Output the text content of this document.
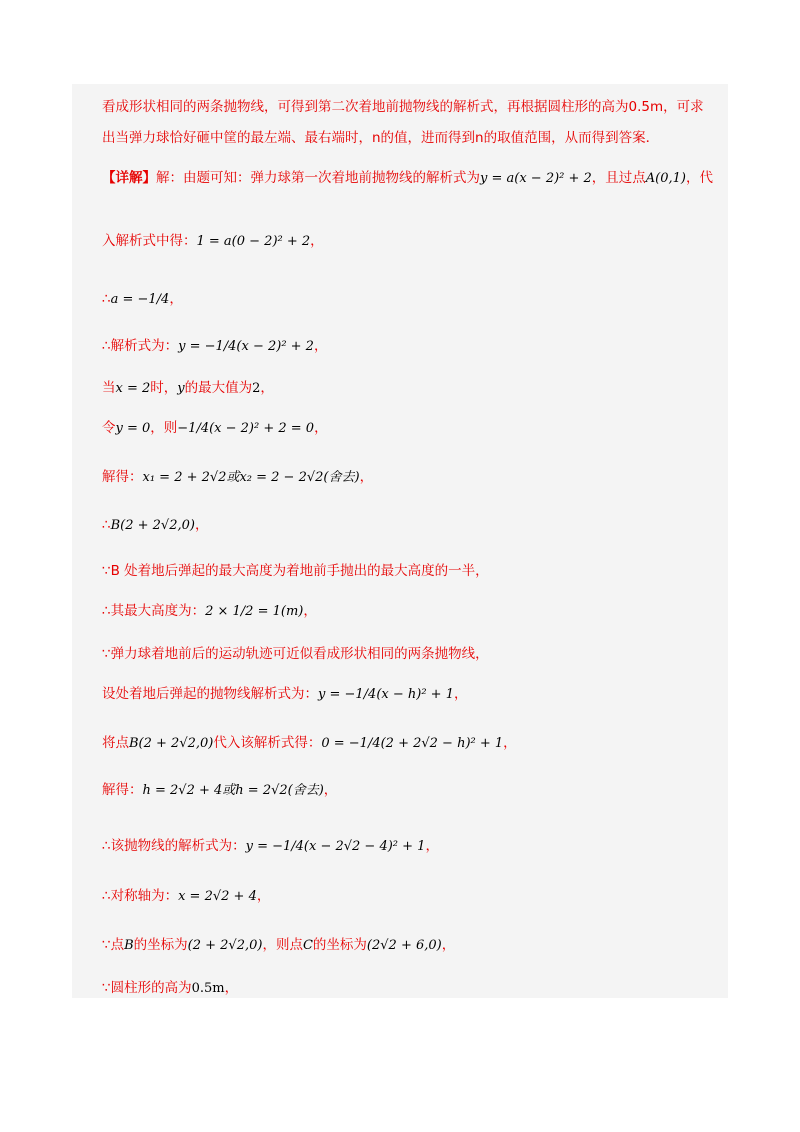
看成形状相同的两条抛物线，可得到第二次着地前抛物线的解析式，再根据圆柱形的高为0.5m，可求
出当弹力球恰好砸中筐的最左端、最右端时，n的值，进而得到n的取值范围，从而得到答案．
【详解】解：由题可知：弹力球第一次着地前抛物线的解析式为y = a(x − 2)² + 2，且过点A(0,1)，代
入解析式中得：1 = a(0 − 2)² + 2，
∴a = −1/4，
∴解析式为：y = −1/4(x − 2)² + 2，
当x = 2时，y的最大值为2，
令y = 0，则−1/4(x − 2)² + 2 = 0，
解得：x₁ = 2 + 2√2或x₂ = 2 − 2√2(舍去)，
∴B(2 + 2√2,0)，
∵B 处着地后弹起的最大高度为着地前手抛出的最大高度的一半，
∴其最大高度为：2 × 1/2 = 1(m)，
∵弹力球着地前后的运动轨迹可近似看成形状相同的两条抛物线，
设处着地后弹起的抛物线解析式为：y = −1/4(x − h)² + 1，
将点B(2 + 2√2,0)代入该解析式得：0 = −1/4(2 + 2√2 − h)² + 1，
解得：h = 2√2 + 4或h = 2√2(舍去)，
∴该抛物线的解析式为：y = −1/4(x − 2√2 − 4)² + 1，
∴对称轴为：x = 2√2 + 4，
∵点B的坐标为(2 + 2√2,0)，则点C的坐标为(2√2 + 6,0)，
∵圆柱形的高为0.5m，
